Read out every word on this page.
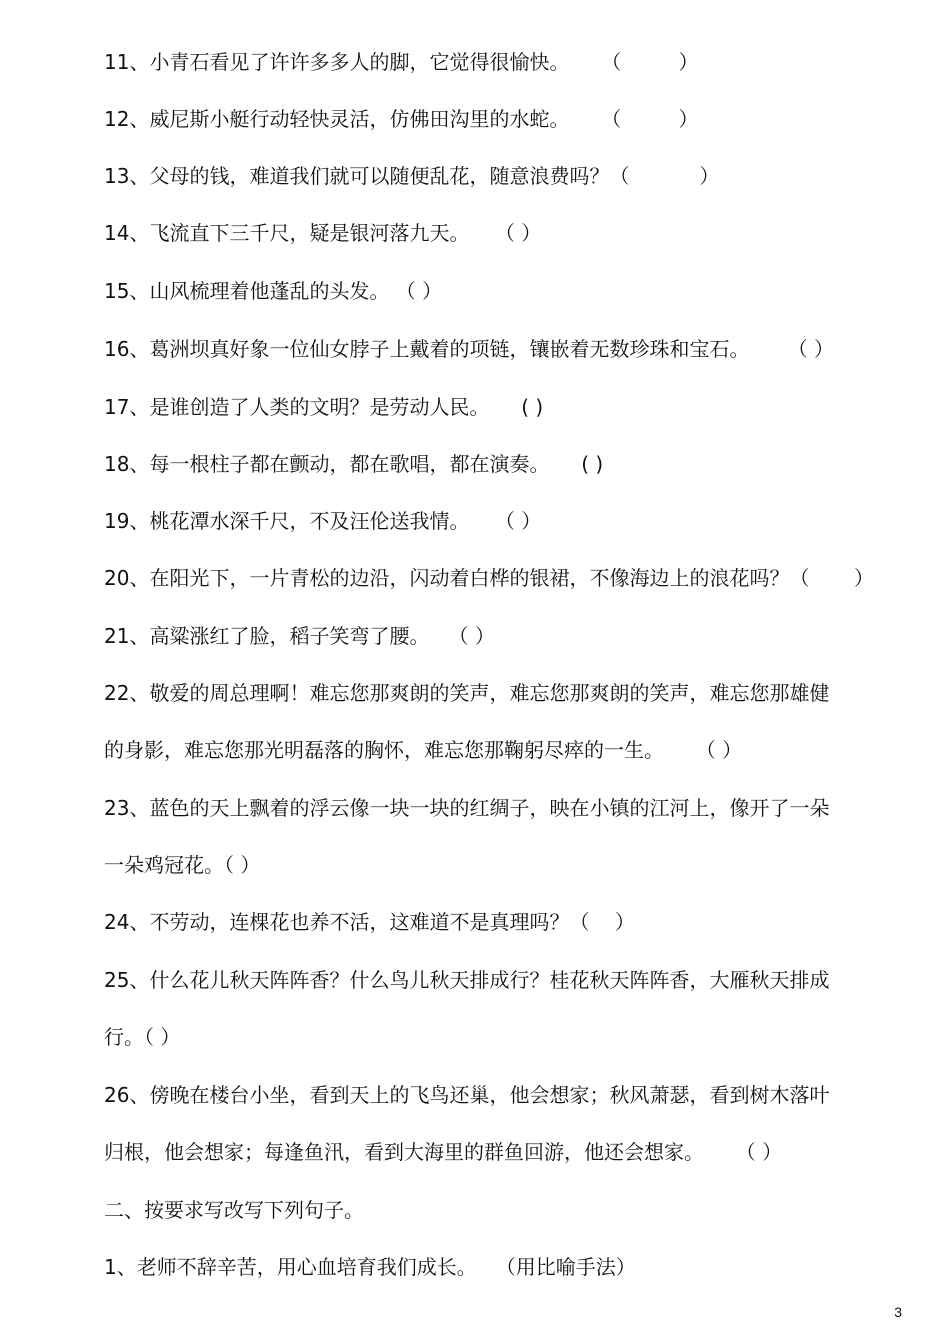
11、小青石看见了许许多多人的脚，它觉得很愉快。     （         ）
12、威尼斯小艇行动轻快灵活，仿佛田沟里的水蛇。     （         ）
13、父母的钱，难道我们就可以随便乱花，随意浪费吗？（           ）
14、飞流直下三千尺，疑是银河落九天。    （ ）
15、山风梳理着他蓬乱的头发。 （ ）
16、葛洲坝真好象一位仙女脖子上戴着的项链，镶嵌着无数珍珠和宝石。      （ ）
17、是谁创造了人类的文明？是劳动人民。     ( )
18、每一根柱子都在颤动，都在歌唱，都在演奏。     ( )
19、桃花潭水深千尺，不及汪伦送我情。    （ ）
20、在阳光下，一片青松的边沿，闪动着白桦的银裙，不像海边上的浪花吗？（       ）
21、高粱涨红了脸，稻子笑弯了腰。   （ ）
22、敬爱的周总理啊！难忘您那爽朗的笑声，难忘您那爽朗的笑声，难忘您那雄健
的身影，难忘您那光明磊落的胸怀，难忘您那鞠躬尽瘁的一生。     （ ）
23、蓝色的天上飘着的浮云像一块一块的红绸子，映在小镇的江河上，像开了一朵
一朵鸡冠花。（ ）
24、不劳动，连棵花也养不活，这难道不是真理吗？（    ）
25、什么花儿秋天阵阵香？什么鸟儿秋天排成行？桂花秋天阵阵香，大雁秋天排成
行。（ ）
26、傍晚在楼台小坐，看到天上的飞鸟还巢，他会想家；秋风萧瑟，看到树木落叶
归根，他会想家；每逢鱼汛，看到大海里的群鱼回游，他还会想家。     （ ）
二、按要求写改写下列句子。
1、老师不辞辛苦，用心血培育我们成长。   （用比喻手法）
3
